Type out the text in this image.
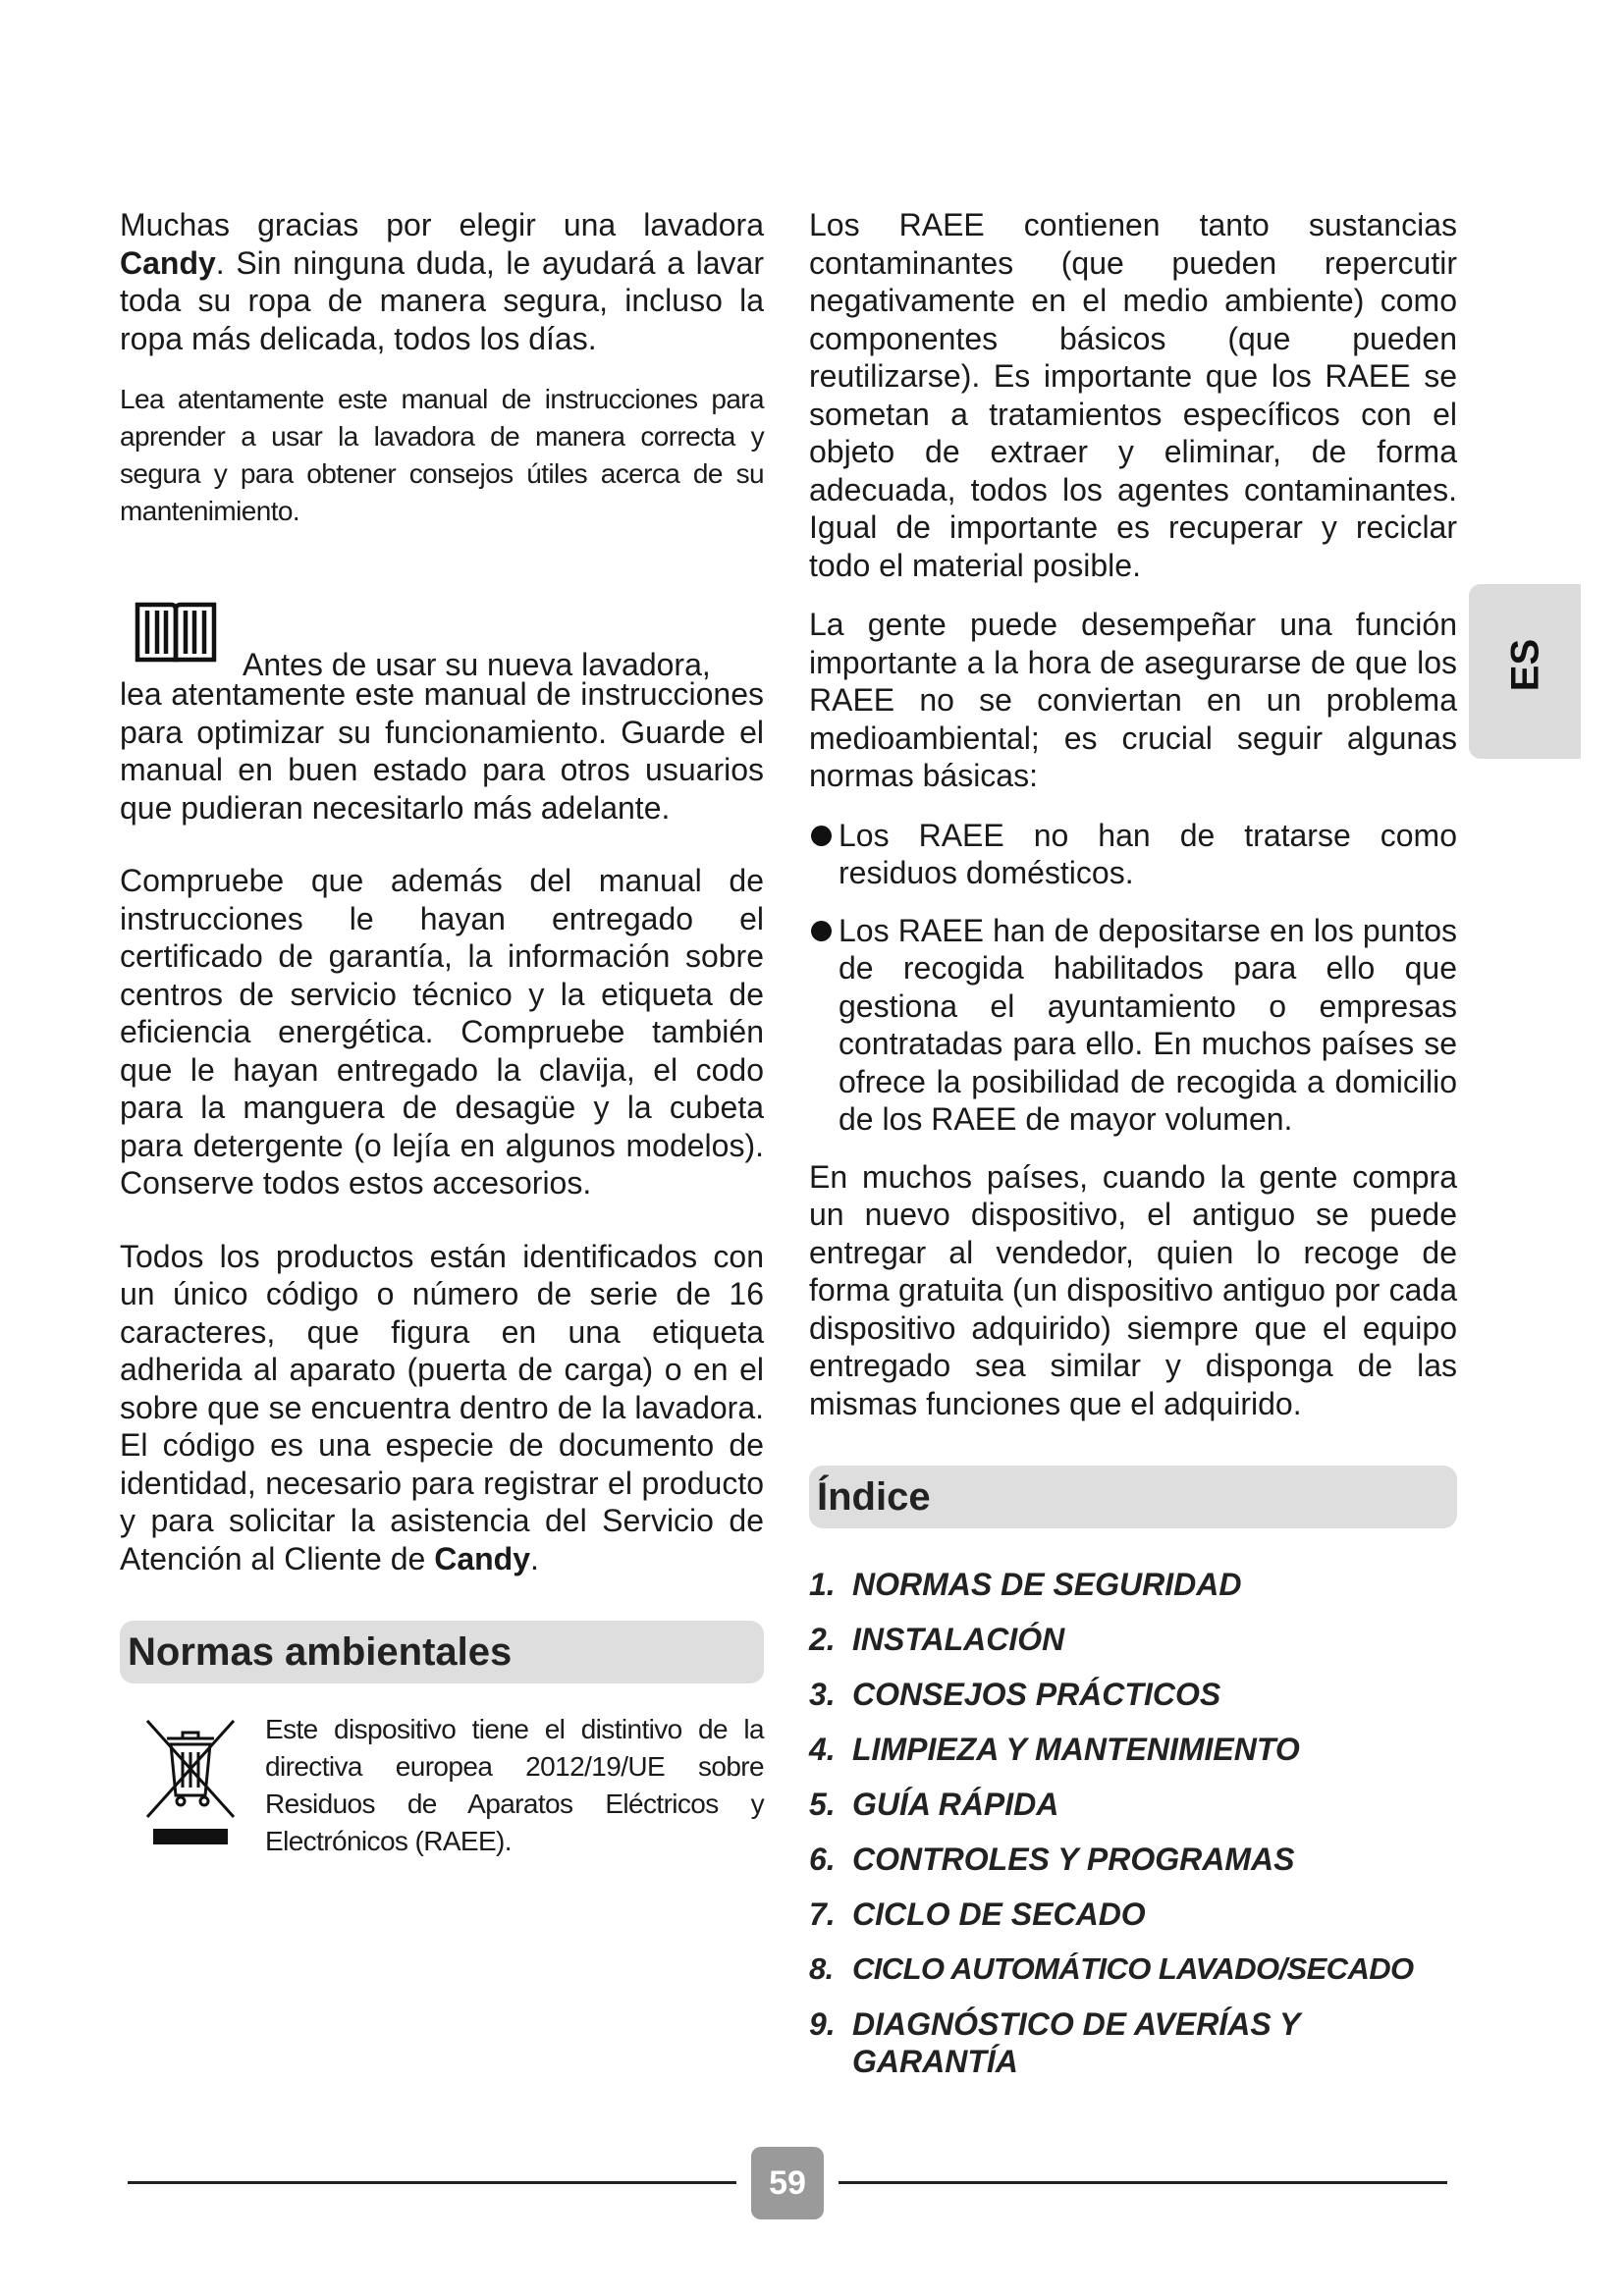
Muchas gracias por elegir una lavadora Candy. Sin ninguna duda, le ayudará a lavar toda su ropa de manera segura, incluso la ropa más delicada, todos los días.

Lea atentamente este manual de instrucciones para aprender a usar la lavadora de manera correcta y segura y para obtener consejos útiles acerca de su mantenimiento.

Antes de usar su nueva lavadora,

lea atentamente este manual de instrucciones para optimizar su funcionamiento. Guarde el manual en buen estado para otros usuarios que pudieran necesitarlo más adelante.

Compruebe que además del manual de instrucciones le hayan entregado el certificado de garantía, la información sobre centros de servicio técnico y la etiqueta de eficiencia energética. Compruebe también que le hayan entregado la clavija, el codo para la manguera de desagüe y la cubeta para detergente (o lejía en algunos modelos). Conserve todos estos accesorios.

Todos los productos están identificados con un único código o número de serie de 16 caracteres, que figura en una etiqueta adherida al aparato (puerta de carga) o en el sobre que se encuentra dentro de la lavadora. El código es una especie de documento de identidad, necesario para registrar el producto y para solicitar la asistencia del Servicio de Atención al Cliente de Candy.

Normas ambientales

Este dispositivo tiene el distintivo de la directiva europea 2012/19/UE sobre Residuos de Aparatos Eléctricos y Electrónicos (RAEE).

Los RAEE contienen tanto sustancias contaminantes (que pueden repercutir negativamente en el medio ambiente) como componentes básicos (que pueden reutilizarse). Es importante que los RAEE se sometan a tratamientos específicos con el objeto de extraer y eliminar, de forma adecuada, todos los agentes contaminantes. Igual de importante es recuperar y reciclar todo el material posible.

La gente puede desempeñar una función importante a la hora de asegurarse de que los RAEE no se conviertan en un problema medioambiental; es crucial seguir algunas normas básicas:

Los RAEE no han de tratarse como residuos domésticos.

Los RAEE han de depositarse en los puntos de recogida habilitados para ello que gestiona el ayuntamiento o empresas contratadas para ello. En muchos países se ofrece la posibilidad de recogida a domicilio de los RAEE de mayor volumen.

En muchos países, cuando la gente compra un nuevo dispositivo, el antiguo se puede entregar al vendedor, quien lo recoge de forma gratuita (un dispositivo antiguo por cada dispositivo adquirido) siempre que el equipo entregado sea similar y disponga de las mismas funciones que el adquirido.

Índice
1. NORMAS DE SEGURIDAD
2. INSTALACIÓN
3. CONSEJOS PRÁCTICOS
4. LIMPIEZA Y MANTENIMIENTO
5. GUÍA RÁPIDA
6. CONTROLES Y PROGRAMAS
7. CICLO DE SECADO
8. CICLO AUTOMÁTICO LAVADO/SECADO
9. DIAGNÓSTICO DE AVERÍAS Y GARANTÍA
ES
59
